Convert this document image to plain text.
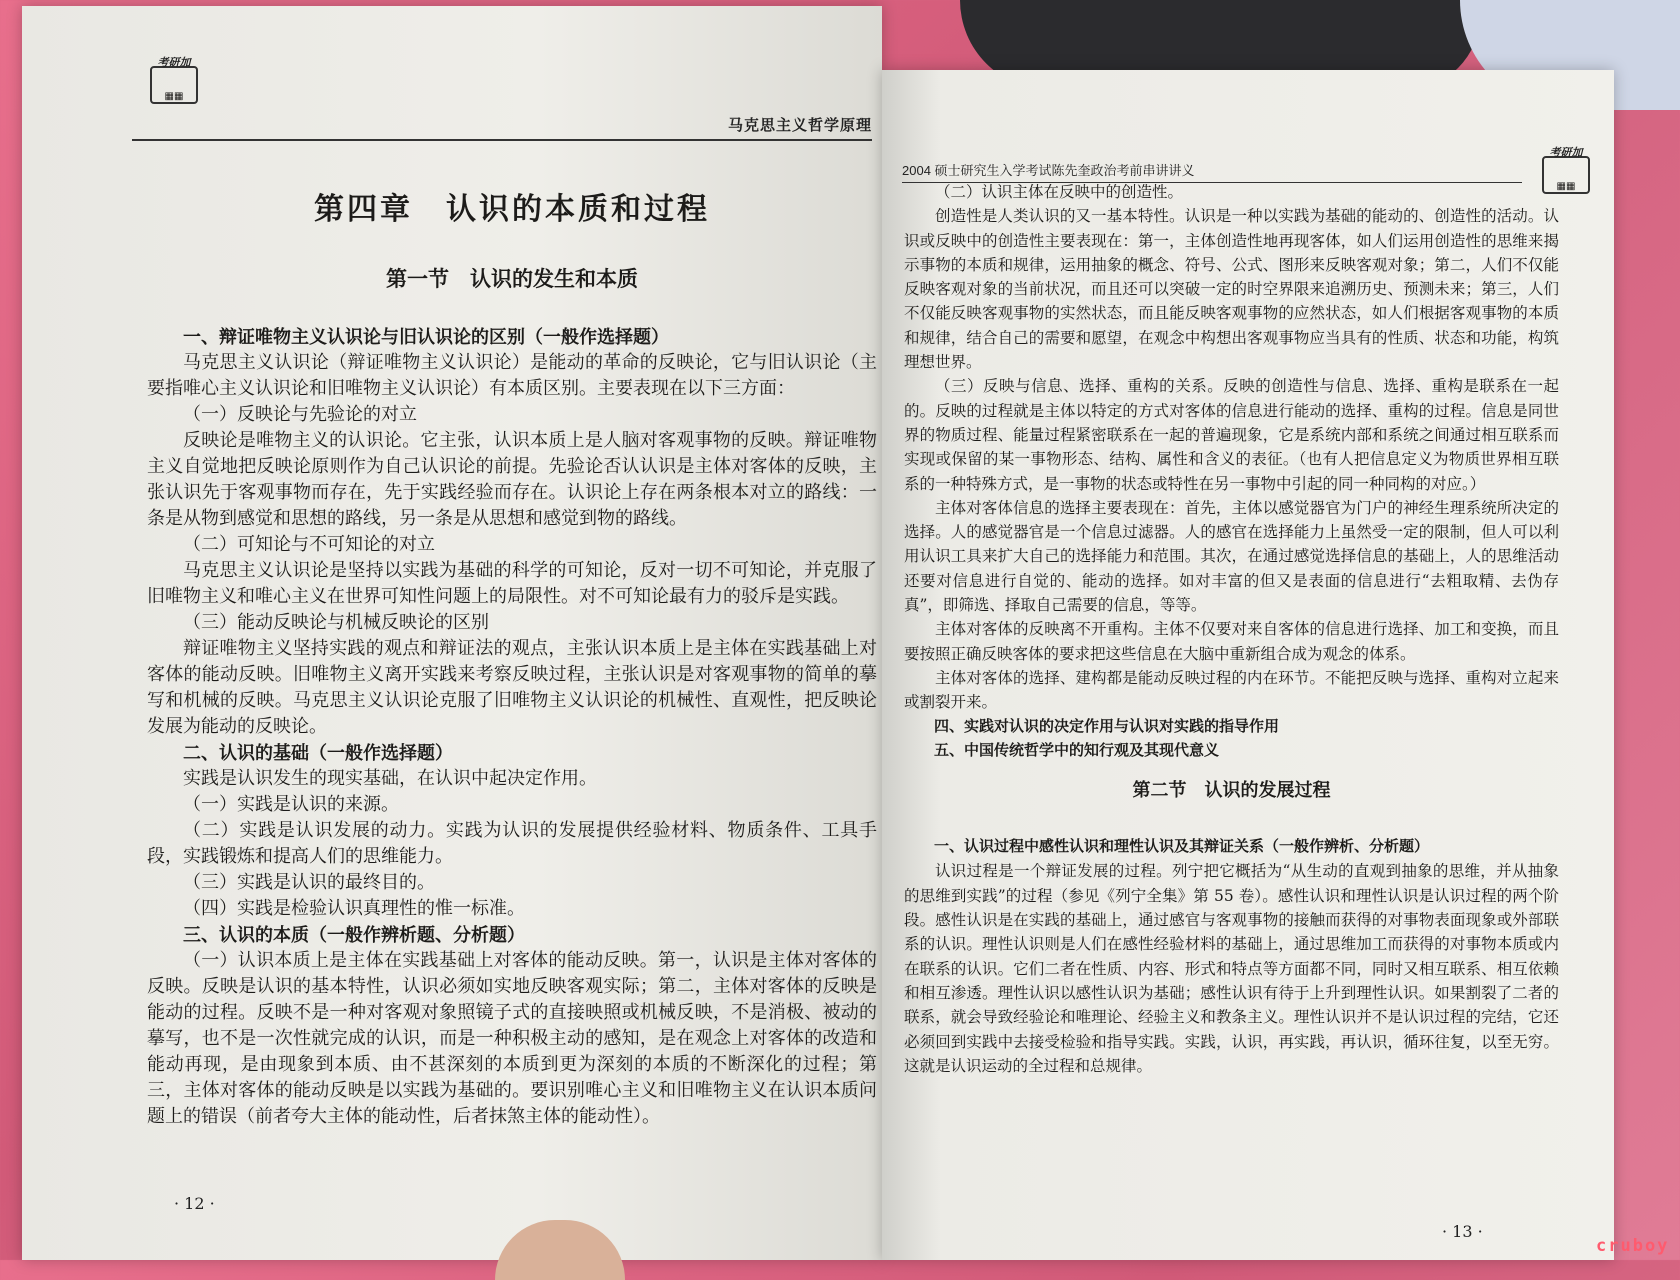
考研加
▦▦
马克思主义哲学原理
第四章　认识的本质和过程
第一节　认识的发生和本质
一、辩证唯物主义认识论与旧认识论的区别（一般作选择题）

马克思主义认识论（辩证唯物主义认识论）是能动的革命的反映论，它与旧认识论（主要指唯心主义认识论和旧唯物主义认识论）有本质区别。主要表现在以下三方面：

（一）反映论与先验论的对立

反映论是唯物主义的认识论。它主张，认识本质上是人脑对客观事物的反映。辩证唯物主义自觉地把反映论原则作为自己认识论的前提。先验论否认认识是主体对客体的反映，主张认识先于客观事物而存在，先于实践经验而存在。认识论上存在两条根本对立的路线：一条是从物到感觉和思想的路线，另一条是从思想和感觉到物的路线。

（二）可知论与不可知论的对立

马克思主义认识论是坚持以实践为基础的科学的可知论，反对一切不可知论，并克服了旧唯物主义和唯心主义在世界可知性问题上的局限性。对不可知论最有力的驳斥是实践。

（三）能动反映论与机械反映论的区别

辩证唯物主义坚持实践的观点和辩证法的观点，主张认识本质上是主体在实践基础上对客体的能动反映。旧唯物主义离开实践来考察反映过程，主张认识是对客观事物的简单的摹写和机械的反映。马克思主义认识论克服了旧唯物主义认识论的机械性、直观性，把反映论发展为能动的反映论。

二、认识的基础（一般作选择题）

实践是认识发生的现实基础，在认识中起决定作用。

（一）实践是认识的来源。

（二）实践是认识发展的动力。实践为认识的发展提供经验材料、物质条件、工具手段，实践锻炼和提高人们的思维能力。

（三）实践是认识的最终目的。
（四）实践是检验认识真理性的惟一标准。
三、认识的本质（一般作辨析题、分析题）

（一）认识本质上是主体在实践基础上对客体的能动反映。第一，认识是主体对客体的反映。反映是认识的基本特性，认识必须如实地反映客观实际；第二，主体对客体的反映是能动的过程。反映不是一种对客观对象照镜子式的直接映照或机械反映，不是消极、被动的摹写，也不是一次性就完成的认识，而是一种积极主动的感知，是在观念上对客体的改造和能动再现，是由现象到本质、由不甚深刻的本质到更为深刻的本质的不断深化的过程；第三，主体对客体的能动反映是以实践为基础的。要识别唯心主义和旧唯物主义在认识本质问题上的错误（前者夸大主体的能动性，后者抹煞主体的能动性）。

· 12 ·
2004 硕士研究生入学考试陈先奎政治考前串讲讲义
考研加
▦▦
（二）认识主体在反映中的创造性。

创造性是人类认识的又一基本特性。认识是一种以实践为基础的能动的、创造性的活动。认识或反映中的创造性主要表现在：第一，主体创造性地再现客体，如人们运用创造性的思维来揭示事物的本质和规律，运用抽象的概念、符号、公式、图形来反映客观对象；第二，人们不仅能反映客观对象的当前状况，而且还可以突破一定的时空界限来追溯历史、预测未来；第三，人们不仅能反映客观事物的实然状态，而且能反映客观事物的应然状态，如人们根据客观事物的本质和规律，结合自己的需要和愿望，在观念中构想出客观事物应当具有的性质、状态和功能，构筑理想世界。

（三）反映与信息、选择、重构的关系。反映的创造性与信息、选择、重构是联系在一起的。反映的过程就是主体以特定的方式对客体的信息进行能动的选择、重构的过程。信息是同世界的物质过程、能量过程紧密联系在一起的普遍现象，它是系统内部和系统之间通过相互联系而实现或保留的某一事物形态、结构、属性和含义的表征。（也有人把信息定义为物质世界相互联系的一种特殊方式，是一事物的状态或特性在另一事物中引起的同一种同构的对应。）

主体对客体信息的选择主要表现在：首先，主体以感觉器官为门户的神经生理系统所决定的选择。人的感觉器官是一个信息过滤器。人的感官在选择能力上虽然受一定的限制，但人可以利用认识工具来扩大自己的选择能力和范围。其次，在通过感觉选择信息的基础上，人的思维活动还要对信息进行自觉的、能动的选择。如对丰富的但又是表面的信息进行“去粗取精、去伪存真”，即筛选、择取自己需要的信息，等等。

主体对客体的反映离不开重构。主体不仅要对来自客体的信息进行选择、加工和变换，而且要按照正确反映客体的要求把这些信息在大脑中重新组合成为观念的体系。

主体对客体的选择、建构都是能动反映过程的内在环节。不能把反映与选择、重构对立起来或割裂开来。

四、实践对认识的决定作用与认识对实践的指导作用
五、中国传统哲学中的知行观及其现代意义
第二节　认识的发展过程
一、认识过程中感性认识和理性认识及其辩证关系（一般作辨析、分析题）

认识过程是一个辩证发展的过程。列宁把它概括为“从生动的直观到抽象的思维，并从抽象的思维到实践”的过程（参见《列宁全集》第 55 卷）。感性认识和理性认识是认识过程的两个阶段。感性认识是在实践的基础上，通过感官与客观事物的接触而获得的对事物表面现象或外部联系的认识。理性认识则是人们在感性经验材料的基础上，通过思维加工而获得的对事物本质或内在联系的认识。它们二者在性质、内容、形式和特点等方面都不同，同时又相互联系、相互依赖和相互渗透。理性认识以感性认识为基础；感性认识有待于上升到理性认识。如果割裂了二者的联系，就会导致经验论和唯理论、经验主义和教条主义。理性认识并不是认识过程的完结，它还必须回到实践中去接受检验和指导实践。实践，认识，再实践，再认识，循环往复，以至无穷。这就是认识运动的全过程和总规律。

· 13 ·
cruboy
